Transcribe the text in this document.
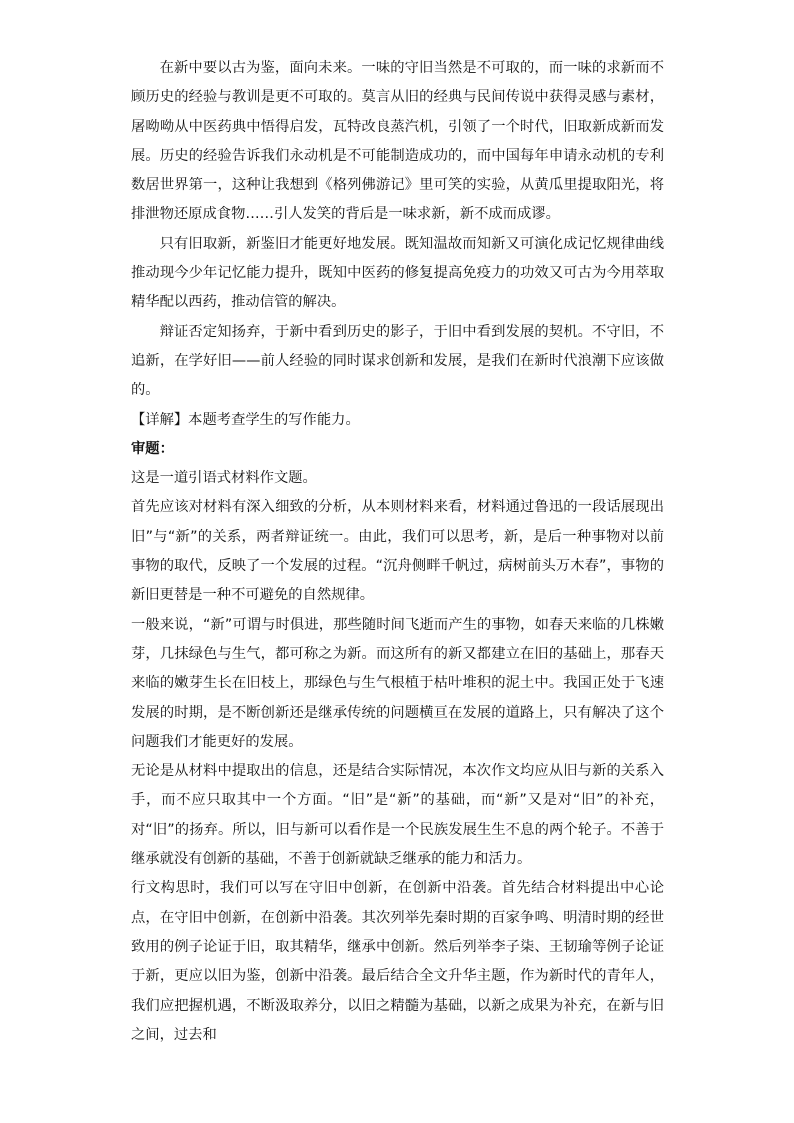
在新中要以古为鉴，面向未来。一味的守旧当然是不可取的，而一味的求新而不顾历史的经验与教训是更不可取的。莫言从旧的经典与民间传说中获得灵感与素材，屠呦呦从中医药典中悟得启发，瓦特改良蒸汽机，引领了一个时代，旧取新成新而发展。历史的经验告诉我们永动机是不可能制造成功的，而中国每年申请永动机的专利数居世界第一，这种让我想到《格列佛游记》里可笑的实验，从黄瓜里提取阳光，将排泄物还原成食物……引人发笑的背后是一味求新，新不成而成谬。

只有旧取新，新鉴旧才能更好地发展。既知温故而知新又可演化成记忆规律曲线推动现今少年记忆能力提升，既知中医药的修复提高免疫力的功效又可古为今用萃取精华配以西药，推动信管的解决。

辩证否定知扬弃，于新中看到历史的影子，于旧中看到发展的契机。不守旧，不追新，在学好旧——前人经验的同时谋求创新和发展，是我们在新时代浪潮下应该做的。

【详解】本题考查学生的写作能力。

审题：

这是一道引语式材料作文题。

首先应该对材料有深入细致的分析，从本则材料来看，材料通过鲁迅的一段话展现出旧”与“新”的关系，两者辩证统一。由此，我们可以思考，新，是后一种事物对以前事物的取代，反映了一个发展的过程。“沉舟侧畔千帆过，病树前头万木春”，事物的新旧更替是一种不可避免的自然规律。

一般来说，“新”可谓与时俱进，那些随时间飞逝而产生的事物，如春天来临的几株嫩芽，几抹绿色与生气，都可称之为新。而这所有的新又都建立在旧的基础上，那春天来临的嫩芽生长在旧枝上，那绿色与生气根植于枯叶堆积的泥土中。我国正处于飞速发展的时期，是不断创新还是继承传统的问题横亘在发展的道路上，只有解决了这个问题我们才能更好的发展。

无论是从材料中提取出的信息，还是结合实际情况，本次作文均应从旧与新的关系入手，而不应只取其中一个方面。“旧”是“新”的基础，而“新”又是对“旧”的补充，对“旧”的扬弃。所以，旧与新可以看作是一个民族发展生生不息的两个轮子。不善于继承就没有创新的基础，不善于创新就缺乏继承的能力和活力。

行文构思时，我们可以写在守旧中创新，在创新中沿袭。首先结合材料提出中心论点，在守旧中创新，在创新中沿袭。其次列举先秦时期的百家争鸣、明清时期的经世致用的例子论证于旧，取其精华，继承中创新。然后列举李子柒、王韧瑜等例子论证于新，更应以旧为鉴，创新中沿袭。最后结合全文升华主题，作为新时代的青年人，我们应把握机遇，不断汲取养分，以旧之精髓为基础，以新之成果为补充，在新与旧之间，过去和
